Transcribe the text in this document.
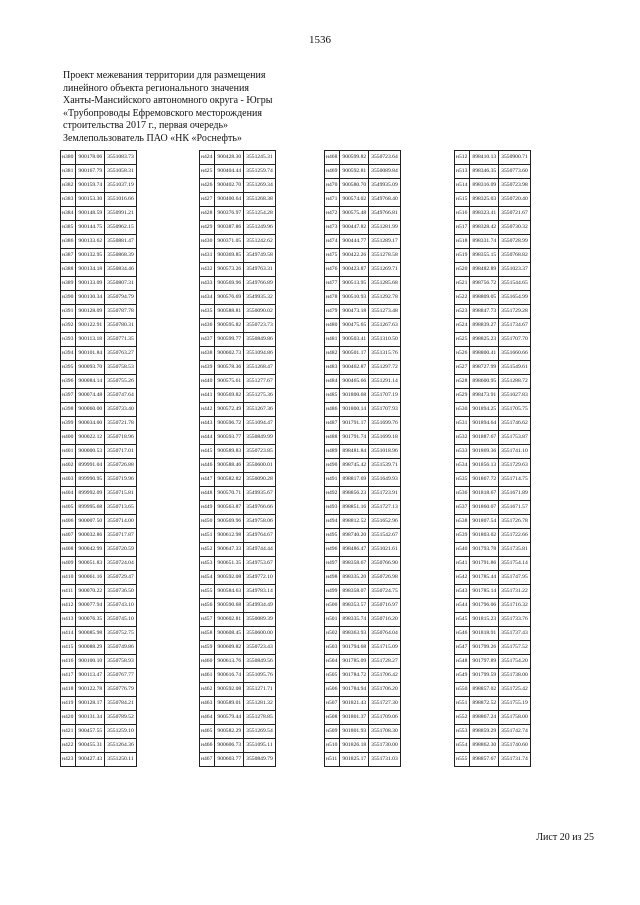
1536
Проект межевания территории для размещения
линейного объекта регионального значения
Ханты-Мансийского автономного округа - Югры
«Трубопроводы Ефремовского месторождения
строительства 2017 г., первая очередь»
Землепользователь ПАО «НК «Роснефть»
н380	900178.06	3551083.73
н381	900167.79	3551058.31
н382	900159.74	3551037.19
н383	900153.30	3551016.66
н384	900148.59	3550991.21
н385	900144.75	3550962.15
н386	900133.62	3550881.47
н387	900132.95	3550868.39
н388	900134.18	3550834.46
н389	900133.09	3550807.31
н390	900130.34	3550794.79
н391	900128.09	3550787.78
н392	900122.91	3550780.31
н393	900113.18	3550771.35
н394	900101.84	3550763.27
н395	900093.70	3550758.53
н396	900084.14	3550755.26
н397	900074.48	3550747.64
н398	900060.00	3550733.40
н399	900034.00	3550721.78
н400	900022.12	3550718.96
н401	900000.53	3550717.01
н402	899991.04	3550726.88
н403	899990.95	3550719.96
н404	899992.09	3550715.81
н405	899995.68	3550713.65
н406	900007.50	3550714.00
н407	900032.86	3550717.87
н408	900042.99	3550720.59
н409	900051.83	3550724.04
н410	900061.16	3550729.47
н411	900070.22	3550736.50
н412	900077.94	3550743.10
н413	900076.35	3550745.10
н414	900085.98	3550752.75
н415	900088.29	3550749.86
н416	900100.10	3550758.93
н417	900113.47	3550767.77
н418	900122.78	3550776.79
н419	900128.17	3550784.21
н420	900131.34	3550789.52
н421	900457.55	3551259.10
н422	900455.31	3551264.36
н423	900427.43	3551250.11
н424	900428.30	3551245.31
н425	900404.44	3551259.74
н426	900402.70	3551269.34
н427	900400.64	3551268.38
н428	900376.97	3551254.28
н429	900387.86	3551249.96
н430	900371.05	3551242.62
н431	900369.85	3549749.58
н432	900573.26	3549763.31
н433	900569.96	3549766.89
н434	900576.69	3549935.32
н435	900588.81	3550090.02
н436	900595.82	3550723.73
н437	900599.77	3550849.86
н438	900602.73	3551094.86
н439	900578.36	3551268.47
н440	900575.61	3551277.67
н441	900569.82	3551275.36
н442	900572.49	3551267.36
н443	900596.72	3551094.47
н444	900593.77	3550849.99
н445	900589.83	3550723.85
н446	900588.46	3550600.01
н447	900582.82	3550090.28
н448	900570.71	3549935.67
н449	900563.87	3549766.66
н450	900569.96	3549758.06
н451	900612.98	3549764.67
н452	900647.33	3549744.44
н453	900651.35	3549753.67
н454	900592.08	3549772.10
н455	900584.63	3549783.14
н456	900590.68	3549934.49
н457	900602.81	3550089.39
н458	900608.45	3550600.00
н459	900609.82	3550723.43
н460	900613.76	3550849.56
н461	900616.74	3551095.76
н462	900592.08	3551271.71
н463	900589.01	3551281.32
н464	900579.44	3551278.85
н465	900582.29	3551269.54
н466	900606.73	3551095.11
н467	900603.77	3550849.79
н468	900599.82	3550723.64
н469	900592.81	3550089.84
н470	900580.70	3549935.09
н471	900574.02	3549768.40
н472	900575.48	3549766.81
н473	900447.82	3551281.99
н474	900444.77	3551289.17
н475	900422.26	3551278.58
н476	900423.87	3551269.71
н477	900513.95	3551285.68
н478	900510.93	3551292.78
н479	900473.18	3551273.48
н480	900475.65	3551267.63
н481	900503.41	3551310.50
н482	900501.17	3551315.76
н483	900462.87	3551297.72
н484	900465.66	3551291.14
н485	901800.68	3551707.19
н486	901800.14	3551707.93
н487	901791.17	3551699.76
н488	901791.74	3551699.18
н489	898481.84	3551018.96
н490	898745.42	3551539.71
н491	898817.69	3551649.93
н492	898856.23	3551723.91
н493	898851.16	3551727.13
н494	898812.52	3551652.96
н495	898740.20	3551542.67
н496	898486.47	3551021.61
н497	898358.67	3550766.90
н498	898335.20	3550726.98
н499	898358.07	3550724.75
н500	898353.57	3550716.97
н501	898335.74	3550716.20
н502	898363.93	3550764.04
н503	901794.68	3551715.09
н504	901785.09	3551728.27
н505	901784.72	3551706.42
н506	901784.94	3551706.20
н507	901821.43	3551727.30
н508	901801.37	3551709.06
н509	901801.93	3551708.30
н510	901826.18	3551730.00
н511	901825.17	3551731.03
н512	898410.13	3550900.71
н513	898346.35	3550773.60
н514	898316.09	3550723.98
н515	898325.03	3550720.40
н516	898323.41	3550721.67
н517	898328.42	3550730.32
н518	898331.74	3550728.99
н519	898355.15	3550768.82
н520	898482.89	3551023.37
н521	898756.72	3551544.65
н522	898809.05	3551654.99
н523	898847.73	3551729.28
н524	898839.27	3551734.67
н525	898825.23	3551707.70
н526	898800.41	3551660.66
н527	898727.99	3551549.61
н528	898600.95	3551288.72
н529	898473.91	3551027.83
н530	901894.25	3551705.75
н531	901894.64	3551746.62
н532	901887.67	3551753.87
н533	901869.36	3551741.10
н534	901856.13	3551729.63
н535	901867.72	3551714.75
н536	901818.67	3551671.89
н537	901860.07	3551671.57
н538	901807.54	3551726.78
н539	901803.02	3551722.66
н540	901793.78	3551735.81
н541	901791.86	3551754.14
н542	901785.44	3551747.95
н543	901785.14	3551731.22
н544	901796.06	3551716.32
н545	901815.23	3551733.76
н546	901818.91	3551737.43
н547	901799.26	3551757.52
н548	901797.89	3551754.20
н549	901799.59	3551738.00
н550	898857.02	3551725.42
н551	898872.52	3551755.19
н552	898867.24	3551758.00
н553	898859.29	3551742.74
н554	898862.30	3551740.60
н555	898857.67	3551731.74
Лист 20 из 25
